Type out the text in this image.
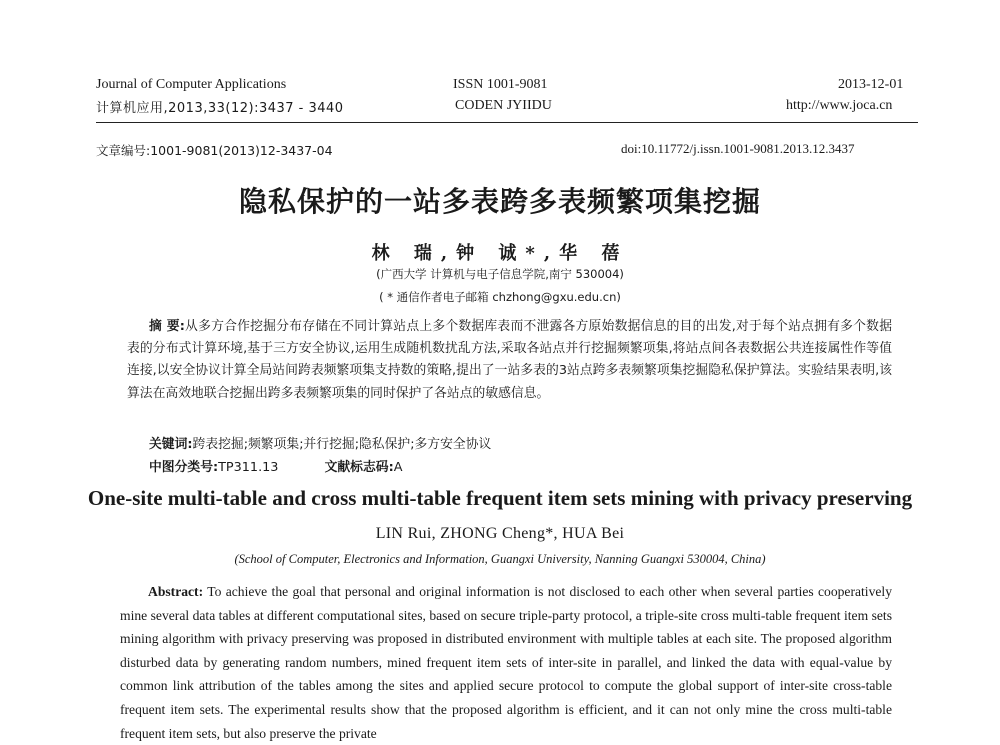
Journal of Computer Applications
计算机应用,2013,33(12):3437 - 3440
ISSN 1001-9081
CODEN JYIIDU
2013-12-01
http://www.joca.cn
文章编号:1001-9081(2013)12-3437-04	doi:10.11772/j.issn.1001-9081.2013.12.3437
隐私保护的一站多表跨多表频繁项集挖掘
林 瑞,钟 诚*,华 蓓
(广西大学 计算机与电子信息学院,南宁 530004)
( * 通信作者电子邮箱 chzhong@gxu.edu.cn)
摘 要:从多方合作挖掘分布存储在不同计算站点上多个数据库表而不泄露各方原始数据信息的目的出发,对于每个站点拥有多个数据表的分布式计算环境,基于三方安全协议,运用生成随机数扰乱方法,采取各站点并行挖掘频繁项集,将站点间各表数据公共连接属性作等值连接,以安全协议计算全局站间跨表频繁项集支持数的策略,提出了一站多表的3站点跨多表频繁项集挖掘隐私保护算法。实验结果表明,该算法在高效地联合挖掘出跨多表频繁项集的同时保护了各站点的敏感信息。
关键词:跨表挖掘;频繁项集;并行挖掘;隐私保护;多方安全协议
中图分类号:TP311.13	文献标志码:A
One-site multi-table and cross multi-table frequent item sets mining with privacy preserving
LIN Rui, ZHONG Cheng*, HUA Bei
(School of Computer, Electronics and Information, Guangxi University, Nanning Guangxi 530004, China)
Abstract: To achieve the goal that personal and original information is not disclosed to each other when several parties cooperatively mine several data tables at different computational sites, based on secure triple-party protocol, a triple-site cross multi-table frequent item sets mining algorithm with privacy preserving was proposed in distributed environment with multiple tables at each site. The proposed algorithm disturbed data by generating random numbers, mined frequent item sets of inter-site in parallel, and linked the data with equal-value by common link attribution of the tables among the sites and applied secure protocol to compute the global support of inter-site cross-table frequent item sets. The experimental results show that the proposed algorithm is efficient, and it can not only mine the cross multi-table frequent item sets, but also preserve the private
